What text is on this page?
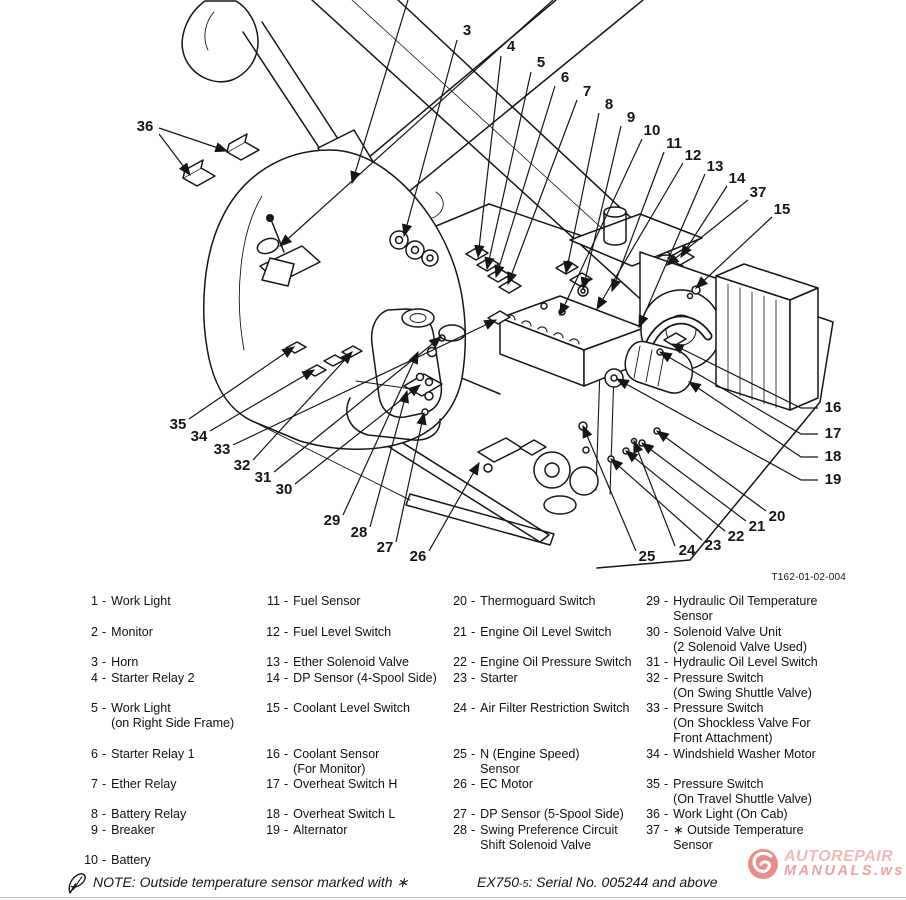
36
3
4
5
6
7
8
9
10
11
12
13
14
37
15
16
17
18
19
20
21
22
23
24
25
26
27
28
29
30
31
32
33
34
35
T162-01-02-004
1 - Work Light
2 - Monitor
3 - Horn
4 - Starter Relay 2
5 - Work Light
(on Right Side Frame)
6 - Starter Relay 1
7 - Ether Relay
8 - Battery Relay
9 - Breaker
10 - Battery
11 - Fuel Sensor
12 - Fuel Level Switch
13 - Ether Solenoid Valve
14 - DP Sensor (4-Spool Side)
15 - Coolant Level Switch
16 - Coolant Sensor
(For Monitor)
17 - Overheat Switch H
18 - Overheat Switch L
19 - Alternator
20 - Thermoguard Switch
21 - Engine Oil Level Switch
22 - Engine Oil Pressure Switch
23 - Starter
24 - Air Filter Restriction Switch
25 - N (Engine Speed)
Sensor
26 - EC Motor
27 - DP Sensor (5-Spool Side)
28 - Swing Preference Circuit
Shift Solenoid Valve
29 - Hydraulic Oil Temperature
Sensor
30 - Solenoid Valve Unit
(2 Solenoid Valve Used)
31 - Hydraulic Oil Level Switch
32 - Pressure Switch
(On Swing Shuttle Valve)
33 - Pressure Switch
(On Shockless Valve For
Front Attachment)
34 - Windshield Washer Motor
35 - Pressure Switch
(On Travel Shuttle Valve)
36 - Work Light (On Cab)
37 - ∗ Outside Temperature
Sensor
NOTE: Outside temperature sensor marked with ∗	EX750-5: Serial No. 005244 and above
AUTOREPAIR
MANUALS.ws
